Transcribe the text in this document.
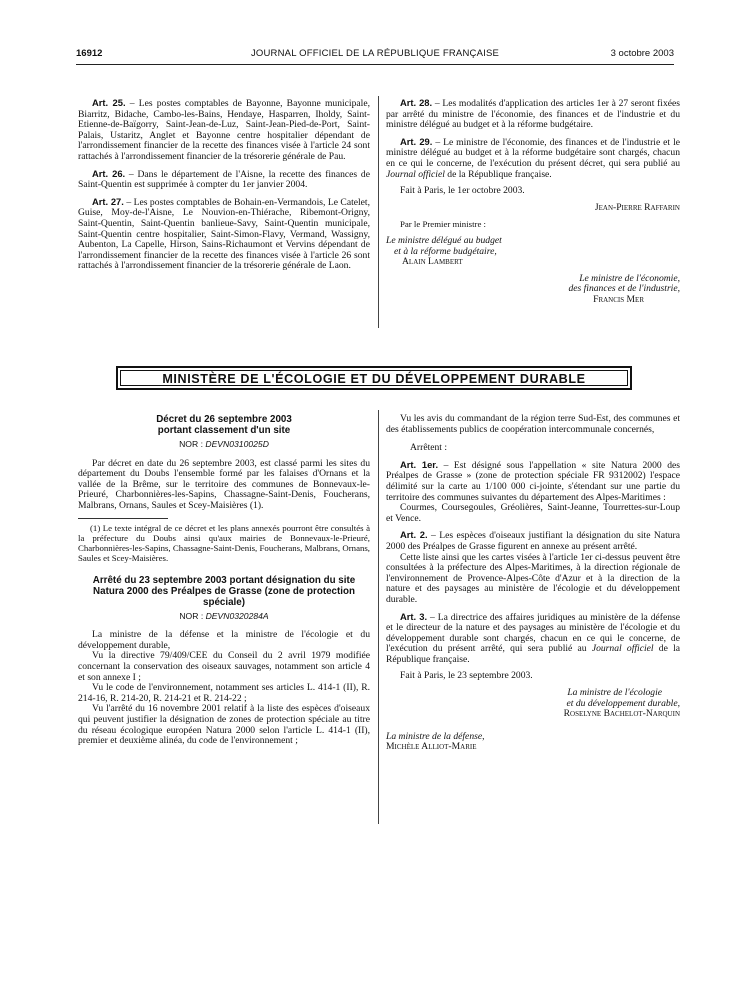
16912	JOURNAL OFFICIEL DE LA RÉPUBLIQUE FRANÇAISE	3 octobre 2003

Art. 25. – Les postes comptables de Bayonne, Bayonne municipale, Biarritz, Bidache, Cambo-les-Bains, Hendaye, Hasparren, Iholdy, Saint-Etienne-de-Baïgorry, Saint-Jean-de-Luz, Saint-Jean-Pied-de-Port, Saint-Palais, Ustaritz, Anglet et Bayonne centre hospitalier dépendant de l'arrondissement financier de la recette des finances visée à l'article 24 sont rattachés à l'arrondissement financier de la trésorerie générale de Pau.

Art. 26. – Dans le département de l'Aisne, la recette des finances de Saint-Quentin est supprimée à compter du 1er janvier 2004.

Art. 27. – Les postes comptables de Bohain-en-Vermandois, Le Catelet, Guise, Moy-de-l'Aisne, Le Nouvion-en-Thiérache, Ribemont-Origny, Saint-Quentin, Saint-Quentin banlieue-Savy, Saint-Quentin municipale, Saint-Quentin centre hospitalier, Saint-Simon-Flavy, Vermand, Wassigny, Aubenton, La Capelle, Hirson, Sains-Richaumont et Vervins dépendant de l'arrondissement financier de la recette des finances visée à l'article 26 sont rattachés à l'arrondissement financier de la trésorerie générale de Laon.

Art. 28. – Les modalités d'application des articles 1er à 27 seront fixées par arrêté du ministre de l'économie, des finances et de l'industrie et du ministre délégué au budget et à la réforme budgétaire.

Art. 29. – Le ministre de l'économie, des finances et de l'industrie et le ministre délégué au budget et à la réforme budgétaire sont chargés, chacun en ce qui le concerne, de l'exécution du présent décret, qui sera publié au Journal officiel de la République française.

Fait à Paris, le 1er octobre 2003.

Jean-Pierre Raffarin

Par le Premier ministre :

Le ministre délégué au budget

et à la réforme budgétaire,

Alain Lambert

Le ministre de l'économie,

des finances et de l'industrie,

Francis Mer

MINISTÈRE DE L'ÉCOLOGIE ET DU DÉVELOPPEMENT DURABLE

Décret du 26 septembre 2003

portant classement d'un site

NOR : DEVN0310025D

Par décret en date du 26 septembre 2003, est classé parmi les sites du département du Doubs l'ensemble formé par les falaises d'Ornans et la vallée de la Brême, sur le territoire des communes de Bonnevaux-le-Prieuré, Charbonnières-les-Sapins, Chassagne-Saint-Denis, Foucherans, Malbrans, Ornans, Saules et Scey-Maisières (1).

(1) Le texte intégral de ce décret et les plans annexés pourront être consultés à la préfecture du Doubs ainsi qu'aux mairies de Bonnevaux-le-Prieuré, Charbonnières-les-Sapins, Chassagne-Saint-Denis, Foucherans, Malbrans, Ornans, Saules et Scey-Maisières.

Arrêté du 23 septembre 2003 portant désignation du site

Natura 2000 des Préalpes de Grasse (zone de protection

spéciale)

NOR : DEVN0320284A

La ministre de la défense et la ministre de l'écologie et du développement durable,

Vu la directive 79/409/CEE du Conseil du 2 avril 1979 modifiée concernant la conservation des oiseaux sauvages, notamment son article 4 et son annexe I ;

Vu le code de l'environnement, notamment ses articles L. 414-1 (II), R. 214-16, R. 214-20, R. 214-21 et R. 214-22 ;

Vu l'arrêté du 16 novembre 2001 relatif à la liste des espèces d'oiseaux qui peuvent justifier la désignation de zones de protection spéciale au titre du réseau écologique européen Natura 2000 selon l'article L. 414-1 (II), premier et deuxième alinéa, du code de l'environnement ;

Vu les avis du commandant de la région terre Sud-Est, des communes et des établissements publics de coopération intercommunale concernés,

Arrêtent :

Art. 1er. – Est désigné sous l'appellation « site Natura 2000 des Préalpes de Grasse » (zone de protection spéciale FR 9312002) l'espace délimité sur la carte au 1/100 000 ci-jointe, s'étendant sur une partie du territoire des communes suivantes du département des Alpes-Maritimes :

Courmes, Coursegoules, Gréolières, Saint-Jeanne, Tourrettes-sur-Loup et Vence.

Art. 2. – Les espèces d'oiseaux justifiant la désignation du site Natura 2000 des Préalpes de Grasse figurent en annexe au présent arrêté.

Cette liste ainsi que les cartes visées à l'article 1er ci-dessus peuvent être consultées à la préfecture des Alpes-Maritimes, à la direction régionale de l'environnement de Provence-Alpes-Côte d'Azur et à la direction de la nature et des paysages au ministère de l'écologie et du développement durable.

Art. 3. – La directrice des affaires juridiques au ministère de la défense et le directeur de la nature et des paysages au ministère de l'écologie et du développement durable sont chargés, chacun en ce qui le concerne, de l'exécution du présent arrêté, qui sera publié au Journal officiel de la République française.

Fait à Paris, le 23 septembre 2003.

La ministre de l'écologie

et du développement durable,

Roselyne Bachelot-Narquin

La ministre de la défense,

Michèle Alliot-Marie
